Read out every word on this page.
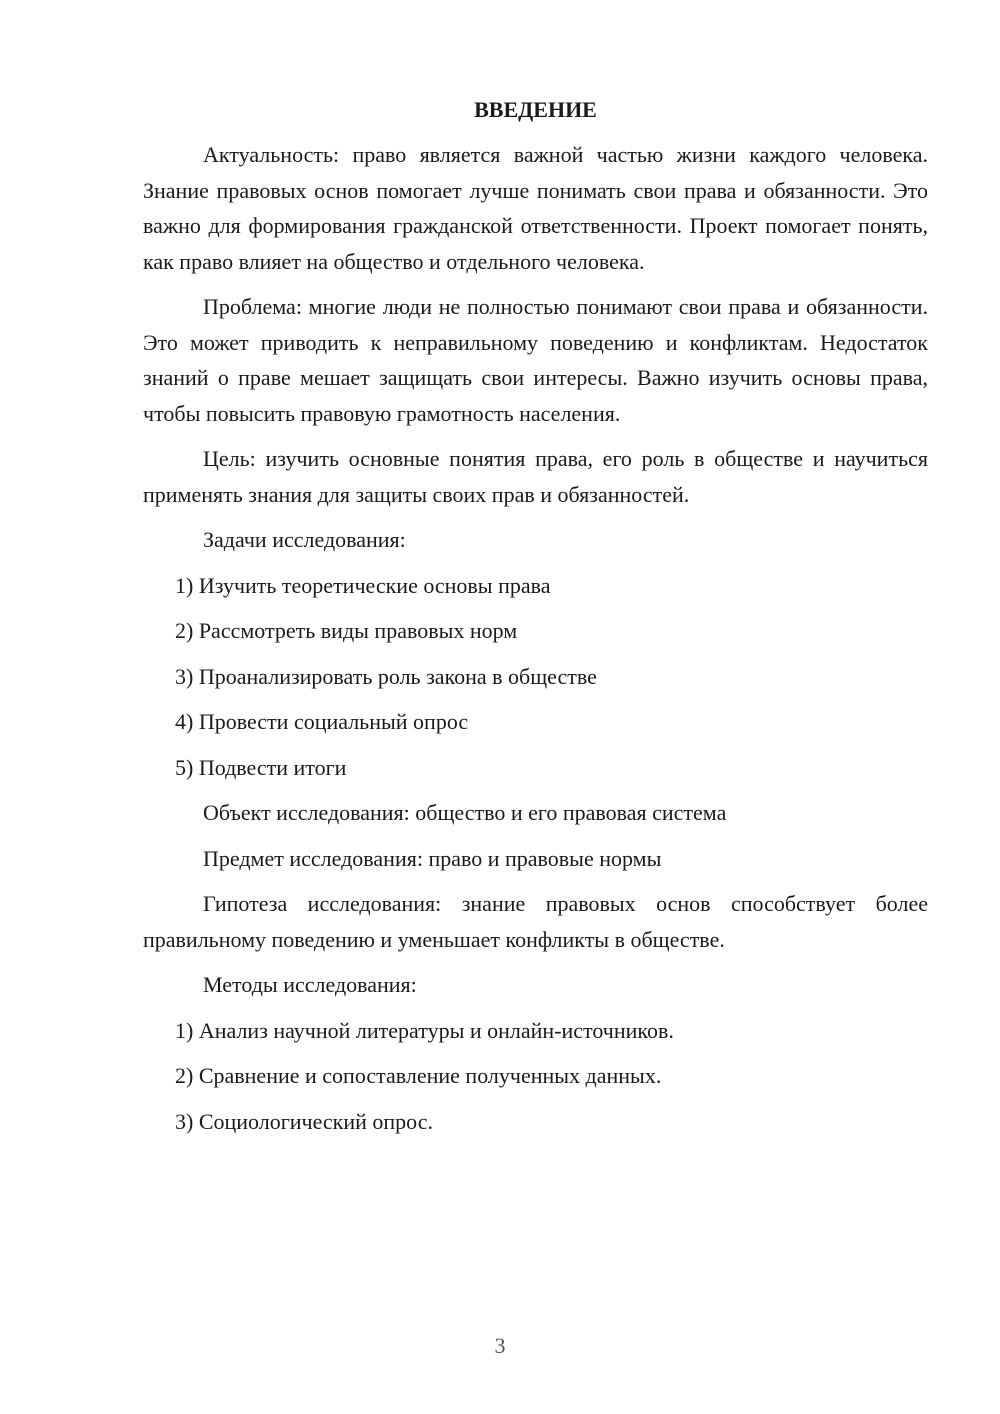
ВВЕДЕНИЕ
Актуальность: право является важной частью жизни каждого человека. Знание правовых основ помогает лучше понимать свои права и обязанности. Это важно для формирования гражданской ответственности. Проект помогает понять, как право влияет на общество и отдельного человека.
Проблема: многие люди не полностью понимают свои права и обязанности. Это может приводить к неправильному поведению и конфликтам. Недостаток знаний о праве мешает защищать свои интересы. Важно изучить основы права, чтобы повысить правовую грамотность населения.
Цель: изучить основные понятия права, его роль в обществе и научиться применять знания для защиты своих прав и обязанностей.
Задачи исследования:
1) Изучить теоретические основы права
2) Рассмотреть виды правовых норм
3) Проанализировать роль закона в обществе
4) Провести социальный опрос
5) Подвести итоги
Объект исследования: общество и его правовая система
Предмет исследования: право и правовые нормы
Гипотеза исследования: знание правовых основ способствует более правильному поведению и уменьшает конфликты в обществе.
Методы исследования:
1) Анализ научной литературы и онлайн-источников.
2) Сравнение и сопоставление полученных данных.
3) Социологический опрос.
3
